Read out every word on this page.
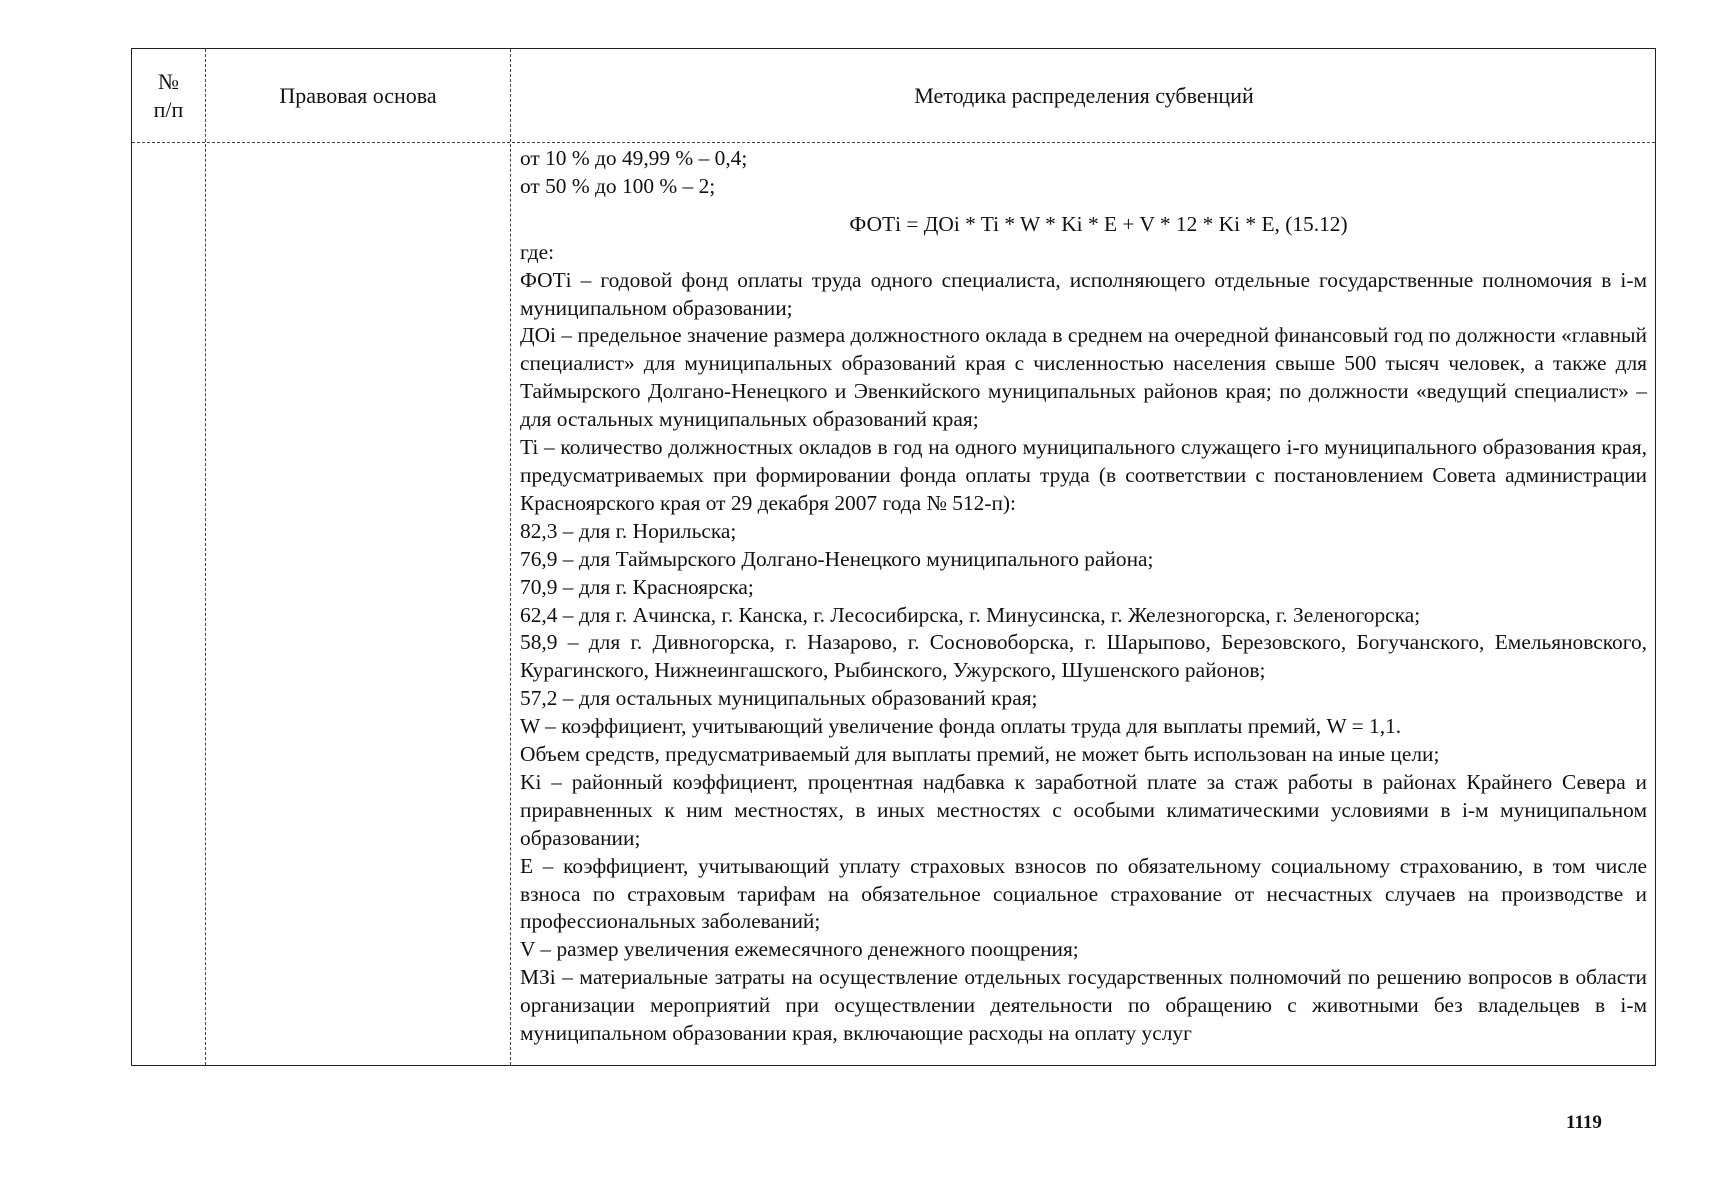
№ п/п
Правовая основа	Методика распределения субвенций

от 10 % до 49,99 % – 0,4;

от 50 % до 100 % – 2;

ФОТi = ДОi * Ti * W * Ki * E + V * 12 * Ki * E, (15.12)

где:

ФОТi – годовой фонд оплаты труда одного специалиста, исполняющего отдельные государственные полномочия в i-м муниципальном образовании;

ДОi – предельное значение размера должностного оклада в среднем на очередной финансовый год по должности «главный специалист» для муниципальных образований края с численностью населения свыше 500 тысяч человек, а также для Таймырского Долгано-Ненецкого и Эвенкийского муниципальных районов края; по должности «ведущий специалист» – для остальных муниципальных образований края;

Ti – количество должностных окладов в год на одного муниципального служащего i-го муниципального образования края, предусматриваемых при формировании фонда оплаты труда (в соответствии с постановлением Совета администрации Красноярского края от 29 декабря 2007 года № 512-п):

82,3 – для г. Норильска;

76,9 – для Таймырского Долгано-Ненецкого муниципального района;

70,9 – для г. Красноярска;

62,4 – для г. Ачинска, г. Канска, г. Лесосибирска, г. Минусинска, г. Железногорска, г. Зеленогорска;

58,9 – для г. Дивногорска, г. Назарово, г. Сосновоборска, г. Шарыпово, Березовского, Богучанского, Емельяновского, Курагинского, Нижнеингашского, Рыбинского, Ужурского, Шушенского районов;

57,2 – для остальных муниципальных образований края;

W – коэффициент, учитывающий увеличение фонда оплаты труда для выплаты премий, W = 1,1.

Объем средств, предусматриваемый для выплаты премий, не может быть использован на иные цели;

Ki – районный коэффициент, процентная надбавка к заработной плате за стаж работы в районах Крайнего Севера и приравненных к ним местностях, в иных местностях с особыми климатическими условиями в i-м муниципальном образовании;

E – коэффициент, учитывающий уплату страховых взносов по обязательному социальному страхованию, в том числе взноса по страховым тарифам на обязательное социальное страхование от несчастных случаев на производстве и профессиональных заболеваний;

V – размер увеличения ежемесячного денежного поощрения;

МЗi – материальные затраты на осуществление отдельных государственных полномочий по решению вопросов в области организации мероприятий при осуществлении деятельности по обращению с животными без владельцев в i-м муниципальном образовании края, включающие расходы на оплату услуг

1119
